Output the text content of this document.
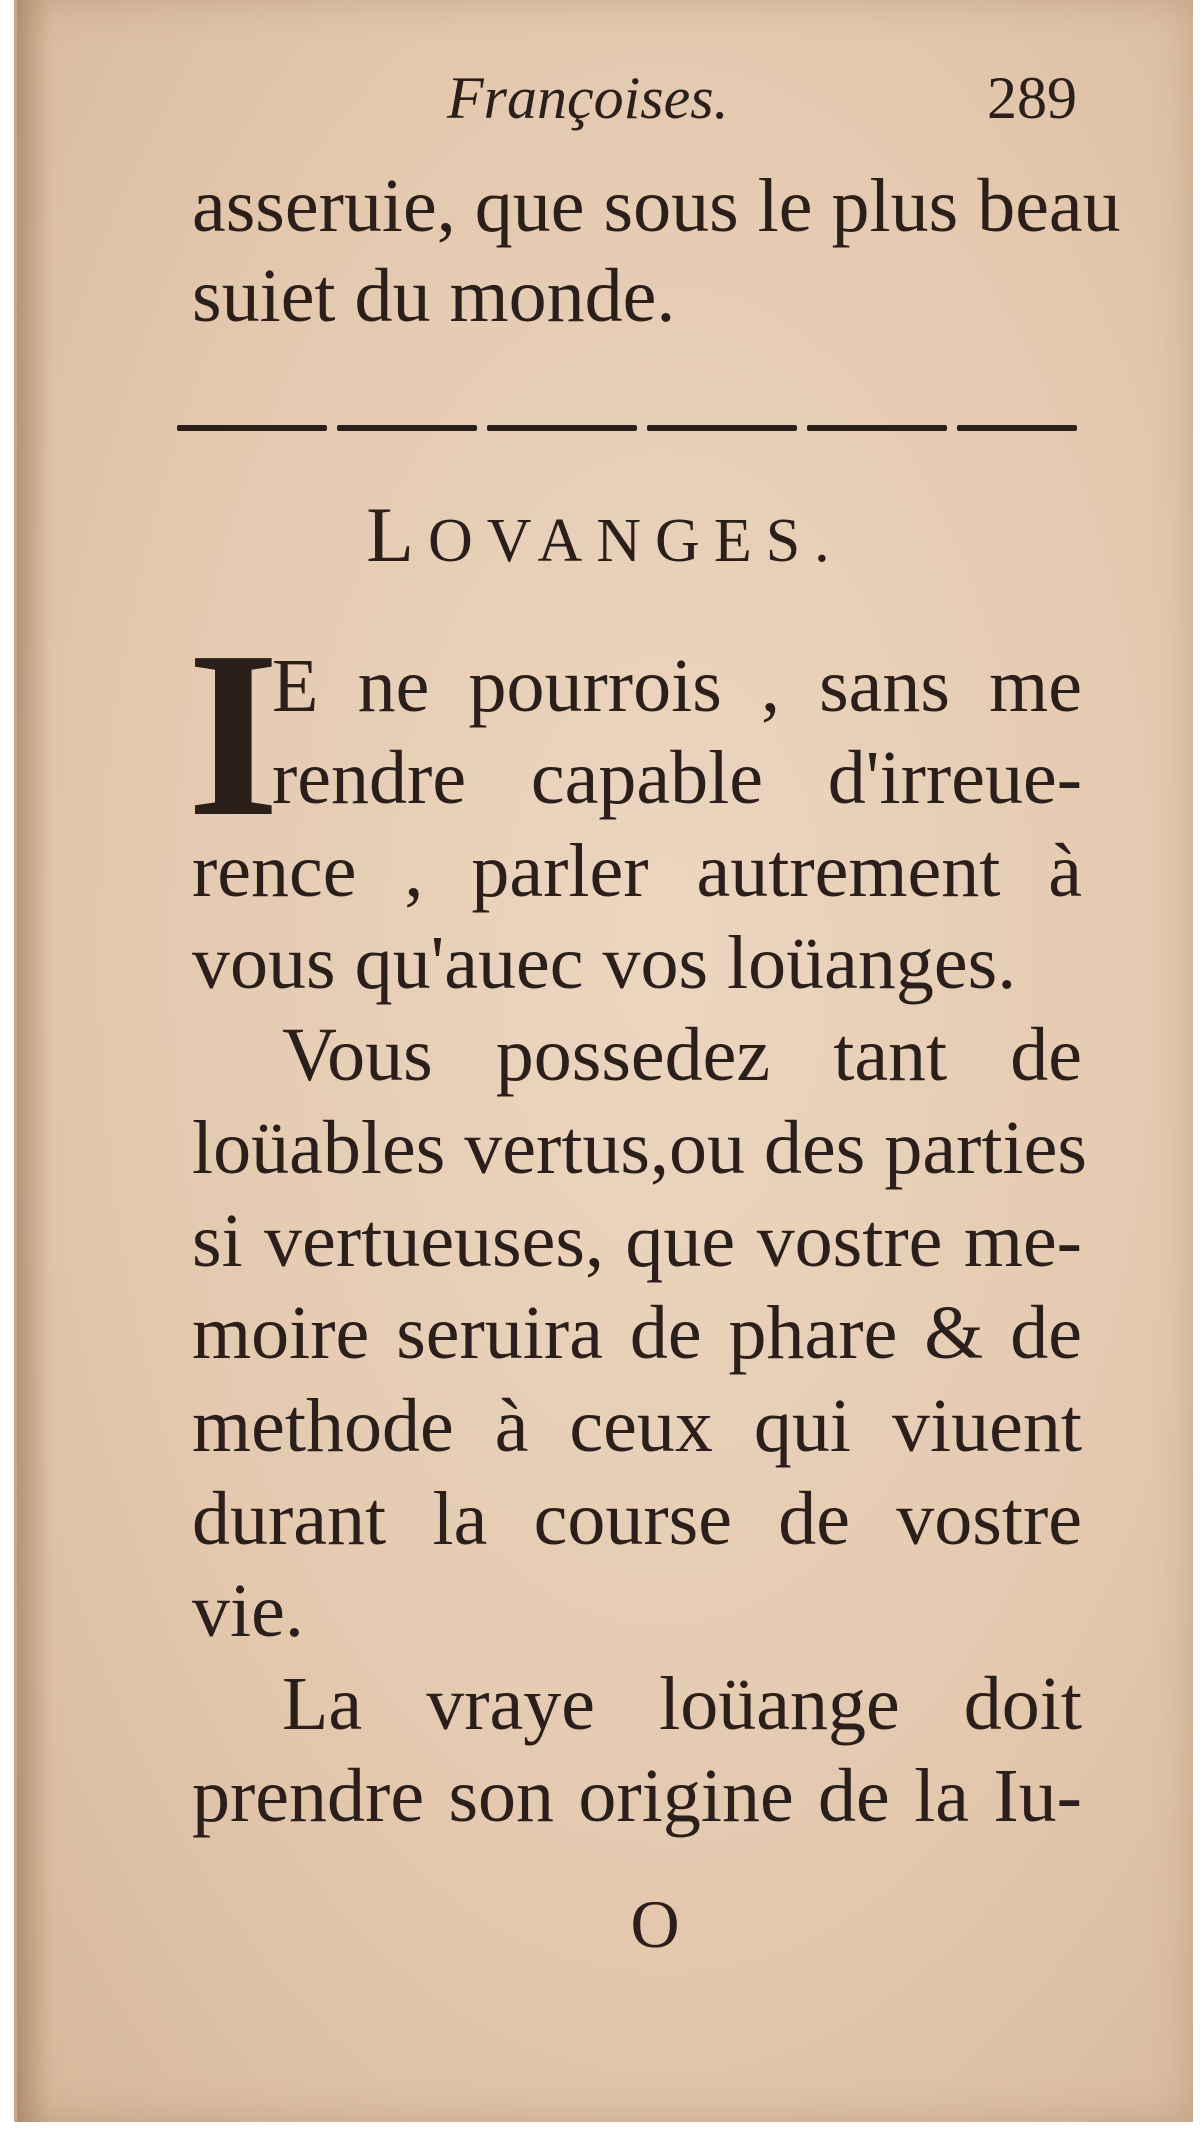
Françoises.	289
asseruie, que sous le plus beau
suiet du monde.
LOVANGES.
I
E ne pourrois , sans me
rendre capable d'irreue-
rence , parler autrement à
vous qu'auec vos loüanges.
Vous possedez tant de
loüables vertus,ou des parties
si vertueuses, que vostre me-
moire seruira de phare & de
methode à ceux qui viuent
durant la course de vostre
vie.
La vraye loüange doit
prendre son origine de la Iu-
O
